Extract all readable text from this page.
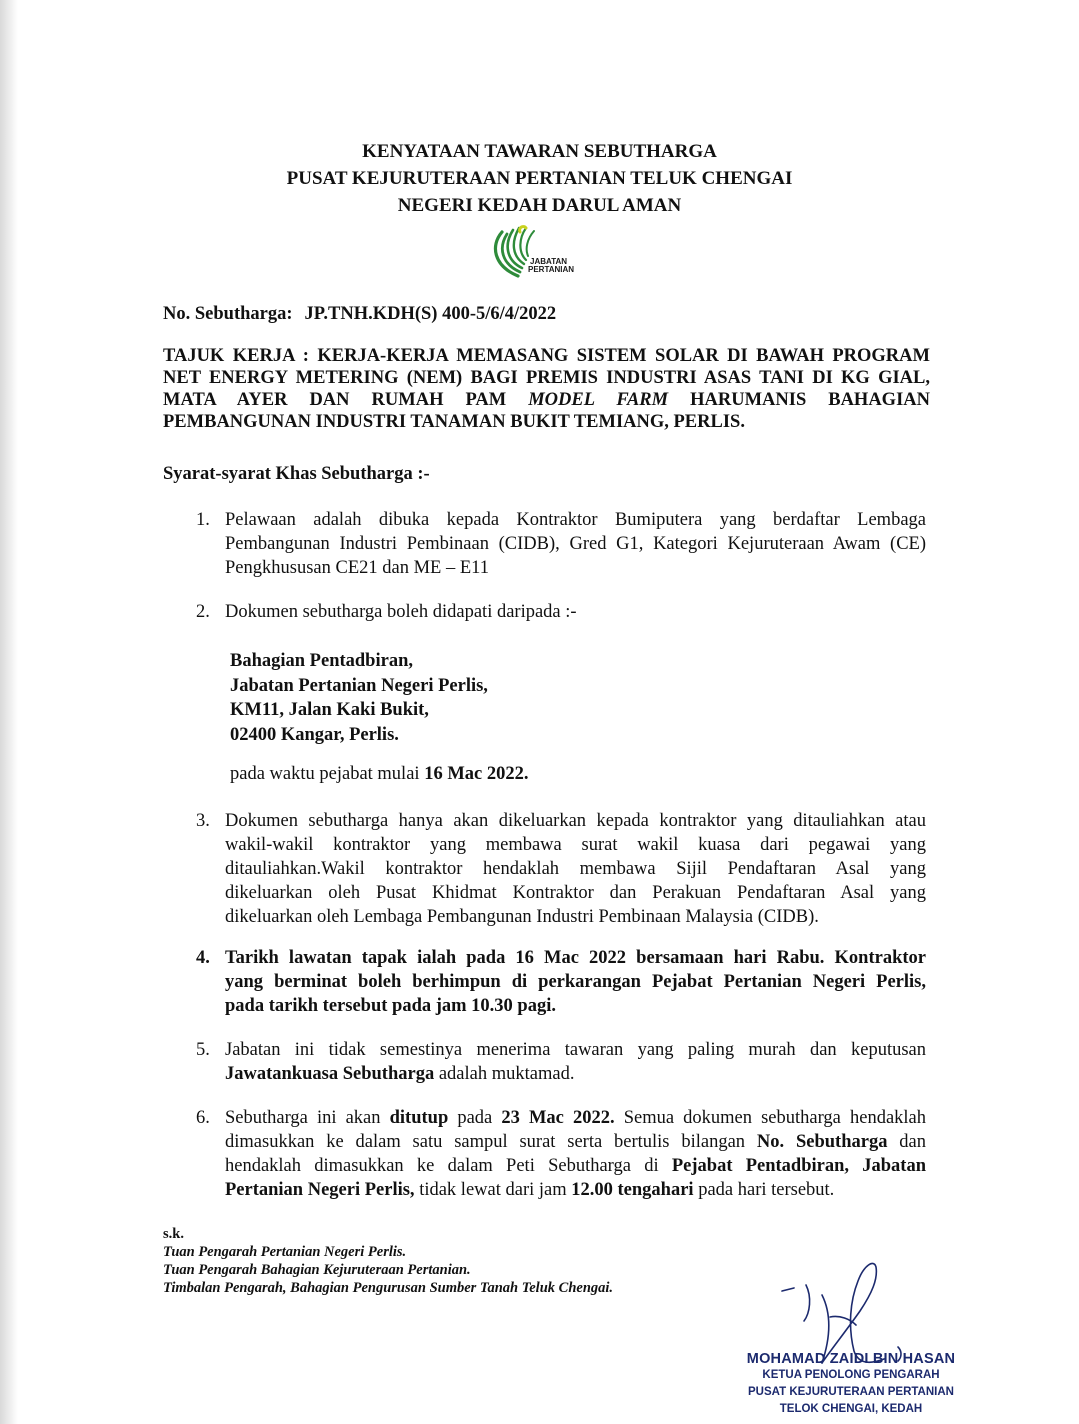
KENYATAAN TAWARAN SEBUTHARGA
PUSAT KEJURUTERAAN PERTANIAN TELUK CHENGAI
NEGERI KEDAH DARUL AMAN
JABATAN
PERTANIAN
No. Sebutharga: JP.TNH.KDH(S) 400-5/6/4/2022
TAJUK KERJA : KERJA-KERJA MEMASANG SISTEM SOLAR DI BAWAH PROGRAM
NET ENERGY METERING (NEM) BAGI PREMIS INDUSTRI ASAS TANI DI KG GIAL,
MATA AYER DAN RUMAH PAM MODEL FARM HARUMANIS BAHAGIAN
PEMBANGUNAN INDUSTRI TANAMAN BUKIT TEMIANG, PERLIS.
Syarat-syarat Khas Sebutharga :-
1. Pelawaan adalah dibuka kepada Kontraktor Bumiputera yang berdaftar Lembaga
Pembangunan Industri Pembinaan (CIDB), Gred G1, Kategori Kejuruteraan Awam (CE)
Pengkhususan CE21 dan ME – E11
2. Dokumen sebutharga boleh didapati daripada :-
Bahagian Pentadbiran,
Jabatan Pertanian Negeri Perlis,
KM11, Jalan Kaki Bukit,
02400 Kangar, Perlis.
pada waktu pejabat mulai 16 Mac 2022.
3. Dokumen sebutharga hanya akan dikeluarkan kepada kontraktor yang ditauliahkan atau
wakil-wakil kontraktor yang membawa surat wakil kuasa dari pegawai yang
ditauliahkan.Wakil kontraktor hendaklah membawa Sijil Pendaftaran Asal yang
dikeluarkan oleh Pusat Khidmat Kontraktor dan Perakuan Pendaftaran Asal yang
dikeluarkan oleh Lembaga Pembangunan Industri Pembinaan Malaysia (CIDB).
4. Tarikh lawatan tapak ialah pada 16 Mac 2022 bersamaan hari Rabu. Kontraktor
yang berminat boleh berhimpun di perkarangan Pejabat Pertanian Negeri Perlis,
pada tarikh tersebut pada jam 10.30 pagi.
5. Jabatan ini tidak semestinya menerima tawaran yang paling murah dan keputusan
Jawatankuasa Sebutharga adalah muktamad.
6. Sebutharga ini akan ditutup pada 23 Mac 2022. Semua dokumen sebutharga hendaklah
dimasukkan ke dalam satu sampul surat serta bertulis bilangan No. Sebutharga dan
hendaklah dimasukkan ke dalam Peti Sebutharga di Pejabat Pentadbiran, Jabatan
Pertanian Negeri Perlis, tidak lewat dari jam 12.00 tengahari pada hari tersebut.
s.k.
Tuan Pengarah Pertanian Negeri Perlis.
Tuan Pengarah Bahagian Kejuruteraan Pertanian.
Timbalan Pengarah, Bahagian Pengurusan Sumber Tanah Teluk Chengai.
MOHAMAD ZAIDI BIN HASAN
KETUA PENOLONG PENGARAH
PUSAT KEJURUTERAAN PERTANIAN
TELOK CHENGAI, KEDAH
